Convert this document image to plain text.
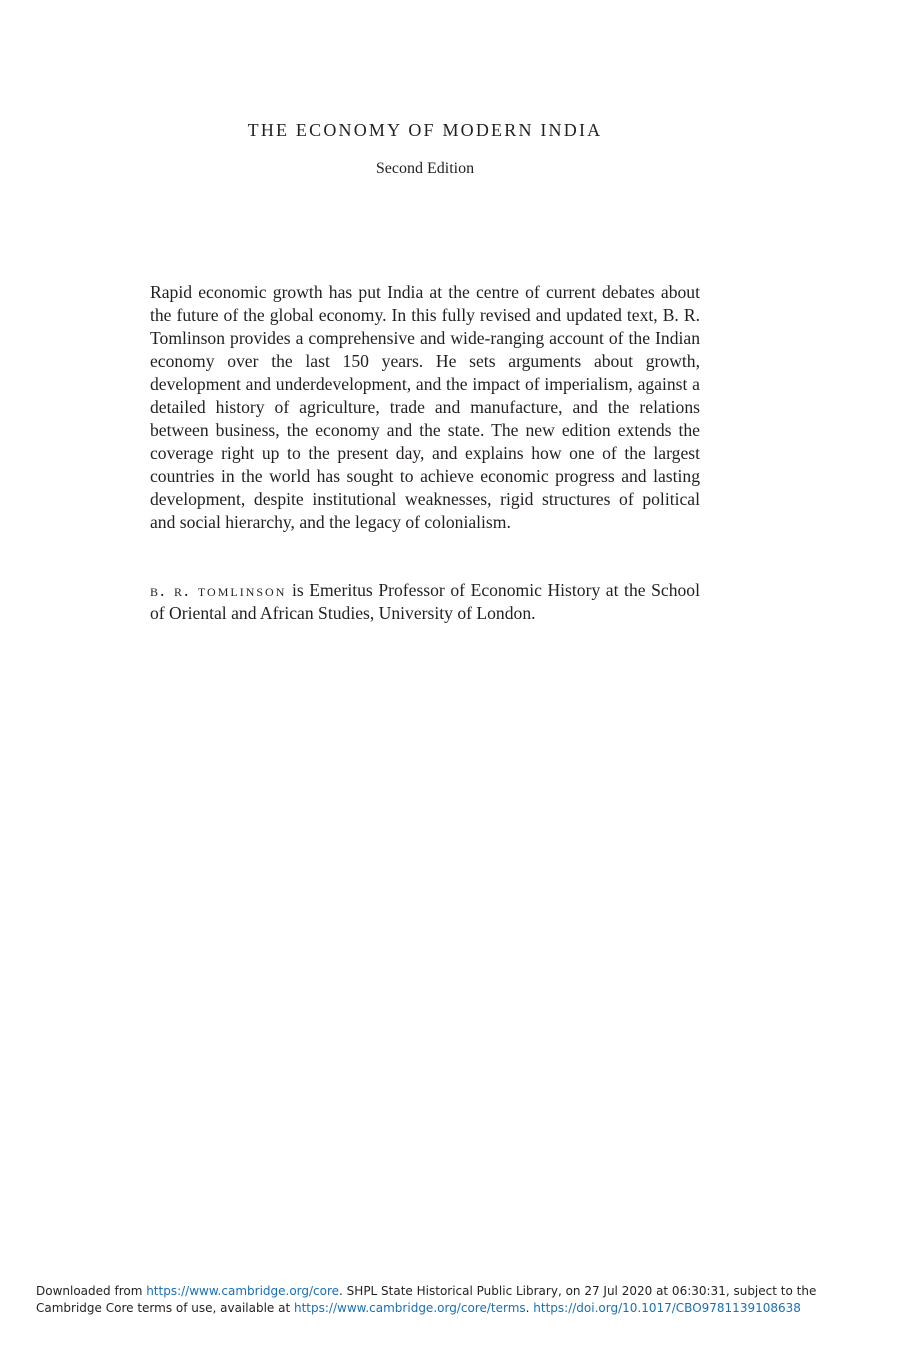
THE ECONOMY OF MODERN INDIA

Second Edition

Rapid economic growth has put India at the centre of current debates about the future of the global economy. In this fully revised and updated text, B. R. Tomlinson provides a comprehensive and wide-ranging account of the Indian economy over the last 150 years. He sets arguments about growth, development and underdevelopment, and the impact of imperialism, against a detailed history of agriculture, trade and manufacture, and the relations between business, the economy and the state. The new edition extends the coverage right up to the present day, and explains how one of the largest countries in the world has sought to achieve economic progress and lasting development, despite institutional weaknesses, rigid structures of political and social hierarchy, and the legacy of colonialism.

b. r. tomlinson is Emeritus Professor of Economic History at the School of Oriental and African Studies, University of London.

Downloaded from https://www.cambridge.org/core. SHPL State Historical Public Library, on 27 Jul 2020 at 06:30:31, subject to the Cambridge Core terms of use, available at https://www.cambridge.org/core/terms. https://doi.org/10.1017/CBO9781139108638
